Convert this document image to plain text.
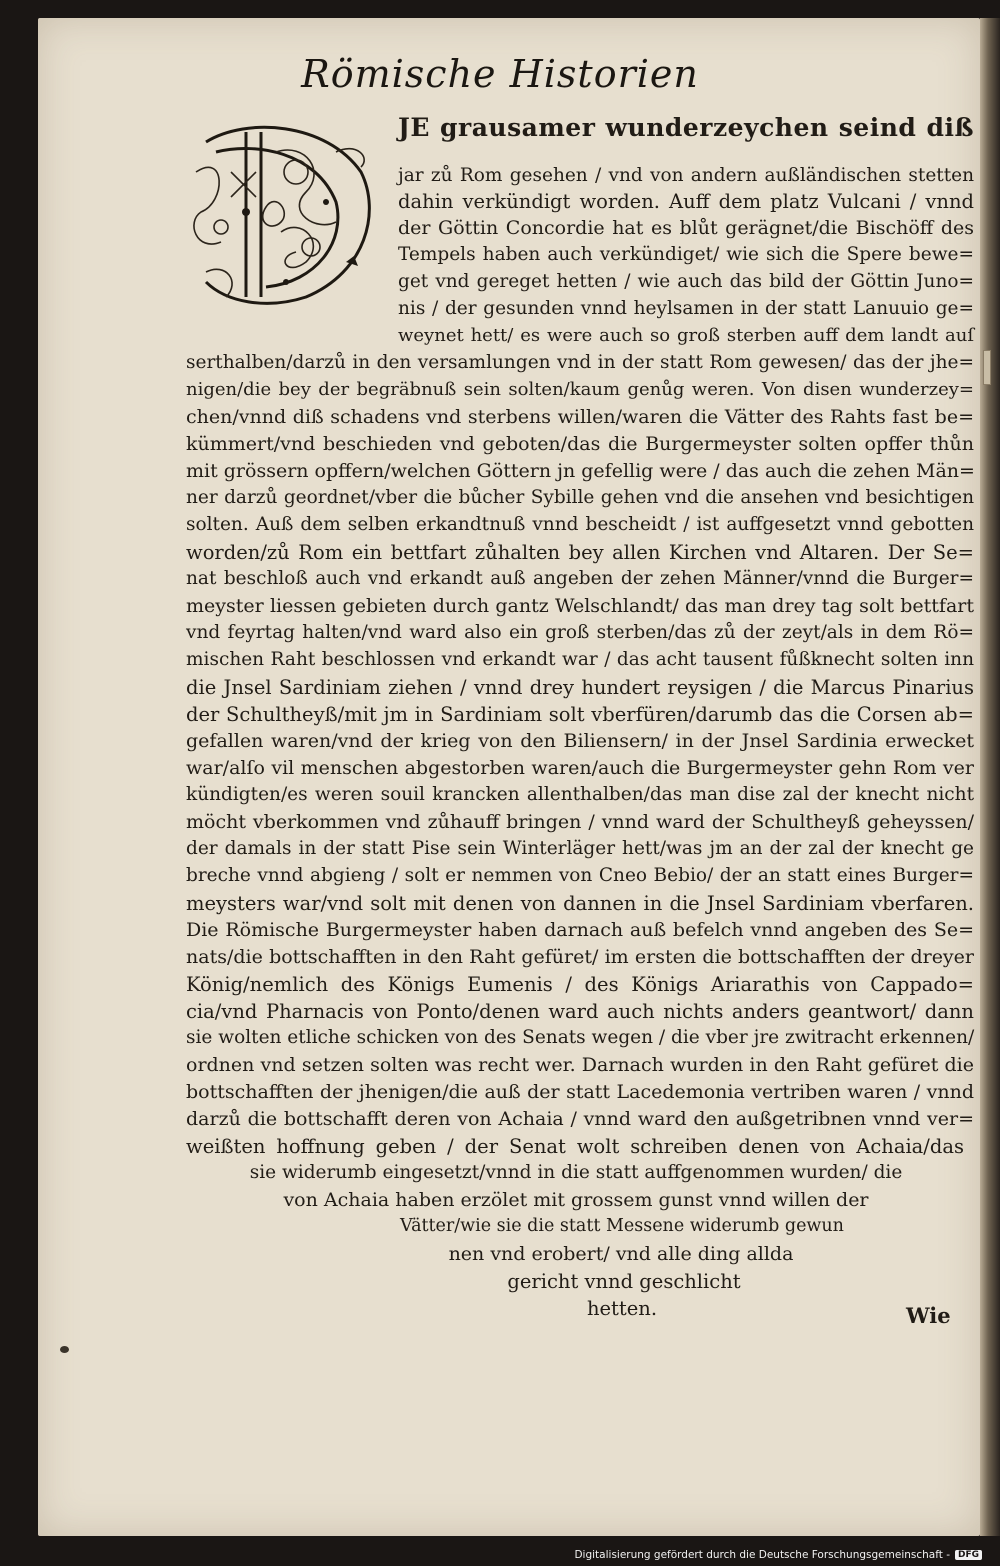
Römische Historien
JE grausamer wunderzeychen seind diß
jar zů Rom gesehen / vnd von andern außländischen stetten
dahin verkündigt worden. Auff dem platz Vulcani / vnnd
der Göttin Concordie hat es blůt gerägnet/die Bischöff des
Tempels haben auch verkündiget/ wie sich die Spere bewe=
get vnd gereget hetten / wie auch das bild der Göttin Juno=
nis / der gesunden vnnd heylsamen in der statt Lanuuio ge=
weynet hett/ es were auch so groß sterben auff dem landt auſ
serthalben/darzů in den versamlungen vnd in der statt Rom gewesen/ das der jhe=
nigen/die bey der begräbnuß sein solten/kaum genůg weren. Von disen wunderzey=
chen/vnnd diß schadens vnd sterbens willen/waren die Vätter des Rahts fast be=
kümmert/vnd beschieden vnd geboten/das die Burgermeyster solten opffer thůn
mit grössern opffern/welchen Göttern jn gefellig were / das auch die zehen Män=
ner darzů geordnet/vber die bůcher Sybille gehen vnd die ansehen vnd besichtigen
solten. Auß dem selben erkandtnuß vnnd bescheidt / ist auffgesetzt vnnd gebotten
worden/zů Rom ein bettfart zůhalten bey allen Kirchen vnd Altaren. Der Se=
nat beschloß auch vnd erkandt auß angeben der zehen Männer/vnnd die Burger=
meyster liessen gebieten durch gantz Welschlandt/ das man drey tag solt bettfart
vnd feyrtag halten/vnd ward also ein groß sterben/das zů der zeyt/als in dem Rö=
mischen Raht beschlossen vnd erkandt war / das acht tausent fůßknecht solten inn
die Jnsel Sardiniam ziehen / vnnd drey hundert reysigen / die Marcus Pinarius
der Schultheyß/mit jm in Sardiniam solt vberfüren/darumb das die Corsen ab=
gefallen waren/vnd der krieg von den Biliensern/ in der Jnsel Sardinia erwecket
war/alſo vil menschen abgestorben waren/auch die Burgermeyster gehn Rom ver
kündigten/es weren souil krancken allenthalben/das man dise zal der knecht nicht
möcht vberkommen vnd zůhauff bringen / vnnd ward der Schultheyß geheyssen/
der damals in der statt Pise sein Winterläger hett/was jm an der zal der knecht ge
breche vnnd abgieng / solt er nemmen von Cneo Bebio/ der an statt eines Burger=
meysters war/vnd solt mit denen von dannen in die Jnsel Sardiniam vberfaren.
Die Römische Burgermeyster haben darnach auß befelch vnnd angeben des Se=
nats/die bottschafften in den Raht gefüret/ im ersten die bottschafften der dreyer
König/nemlich des Königs Eumenis / des Königs Ariarathis von Cappado=
cia/vnd Pharnacis von Ponto/denen ward auch nichts anders geantwort/ dann
sie wolten etliche schicken von des Senats wegen / die vber jre zwitracht erkennen/
ordnen vnd setzen solten was recht wer. Darnach wurden in den Raht gefüret die
bottschafften der jhenigen/die auß der statt Lacedemonia vertriben waren / vnnd
darzů die bottschafft deren von Achaia / vnnd ward den außgetribnen vnnd ver=
weißten hoffnung geben / der Senat wolt schreiben denen von Achaia/das
sie widerumb eingesetzt/vnnd in die statt auffgenommen wurden/ die
von Achaia haben erzölet mit grossem gunst vnnd willen der
Vätter/wie sie die statt Messene widerumb gewun
nen vnd erobert/ vnd alle ding allda
gericht vnnd geschlicht
hetten.	Wie
Digitalisierung gefördert durch die Deutsche Forschungsgemeinschaft - DFG
